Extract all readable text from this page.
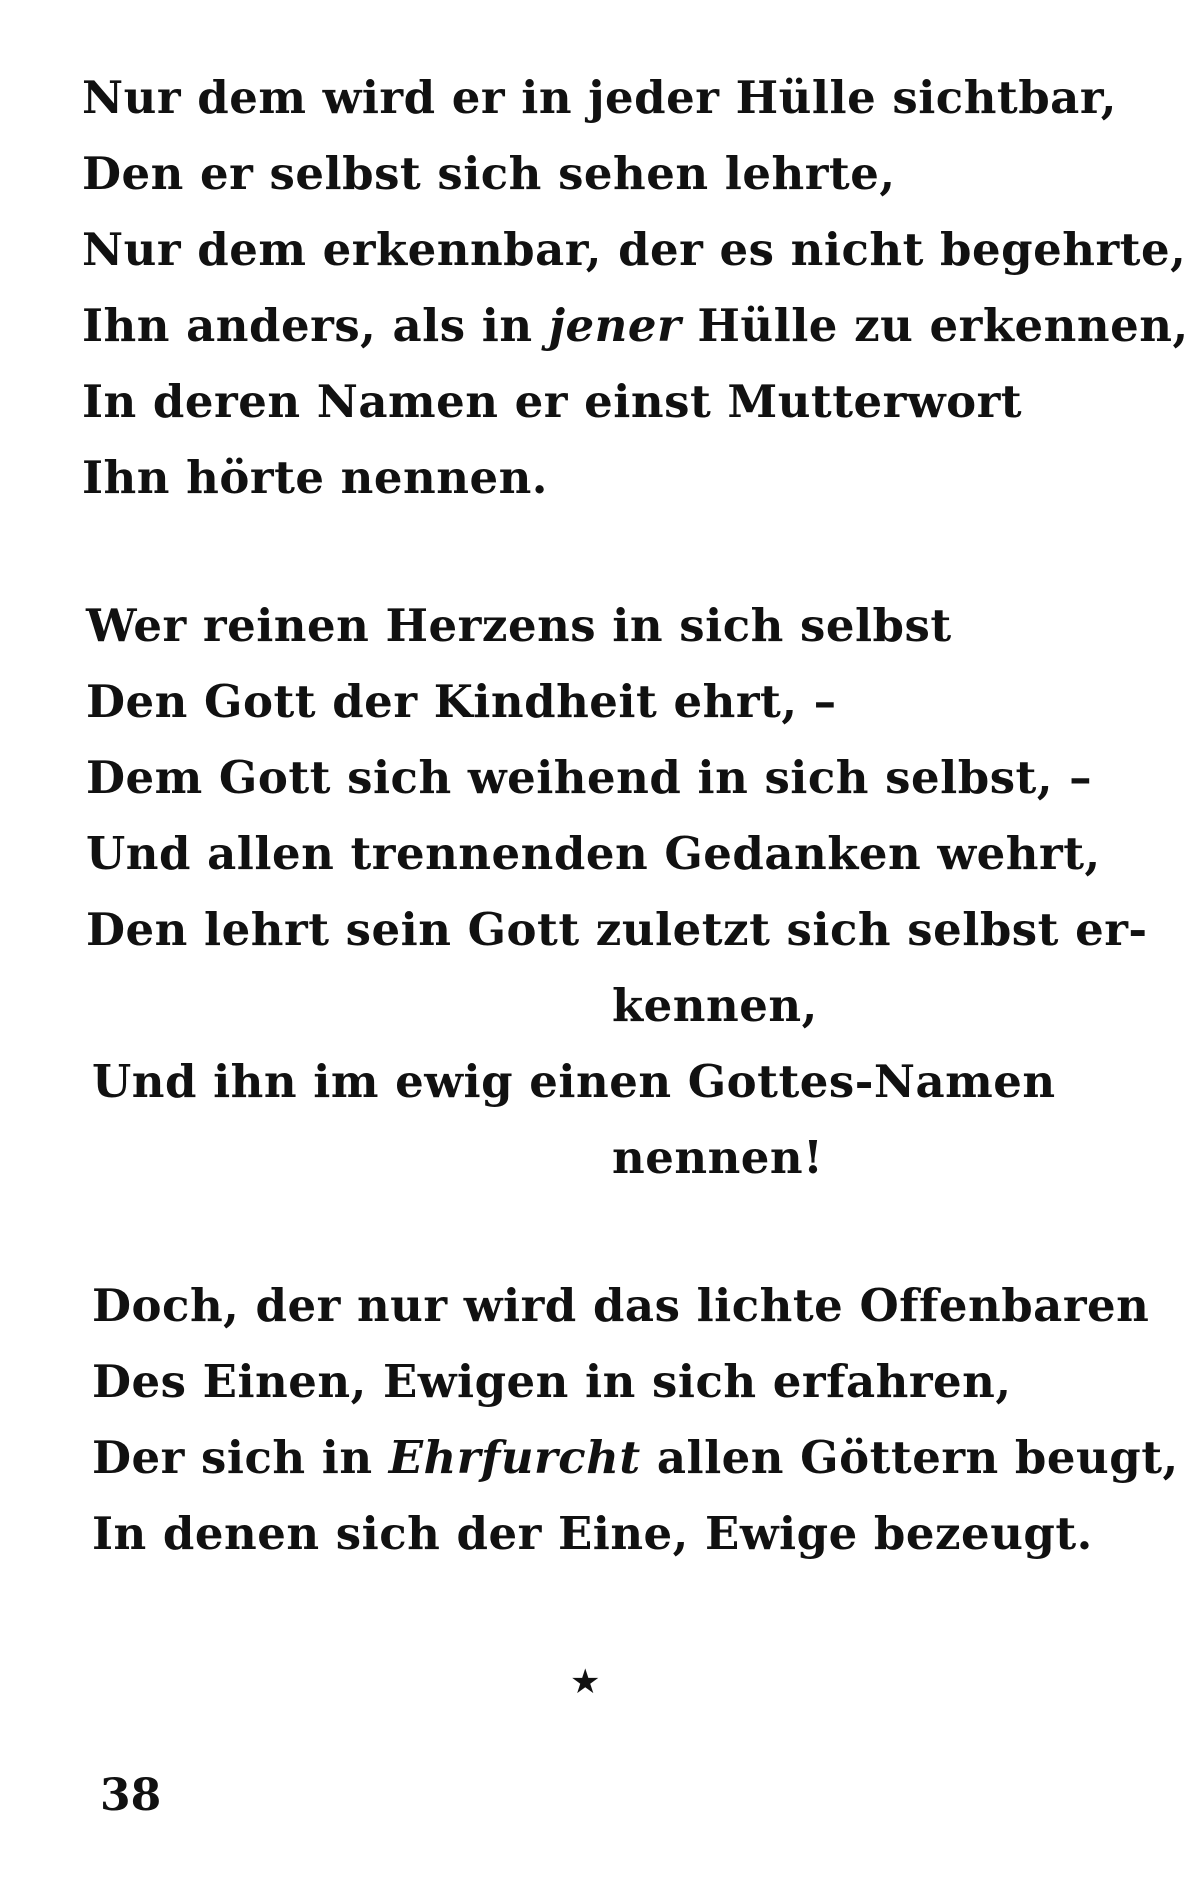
Nur dem wird er in jeder Hülle sichtbar,
Den er selbst sich sehen lehrte,
Nur dem erkennbar, der es nicht begehrte,
Ihn anders, als in jener Hülle zu erkennen,
In deren Namen er einst Mutterwort
Ihn hörte nennen.
Wer reinen Herzens in sich selbst
Den Gott der Kindheit ehrt, –
Dem Gott sich weihend in sich selbst, –
Und allen trennenden Gedanken wehrt,
Den lehrt sein Gott zuletzt sich selbst er-
kennen,
Und ihn im ewig einen Gottes-Namen
nennen!
Doch, der nur wird das lichte Offenbaren
Des Einen, Ewigen in sich erfahren,
Der sich in Ehrfurcht allen Göttern beugt,
In denen sich der Eine, Ewige bezeugt.
★
38
